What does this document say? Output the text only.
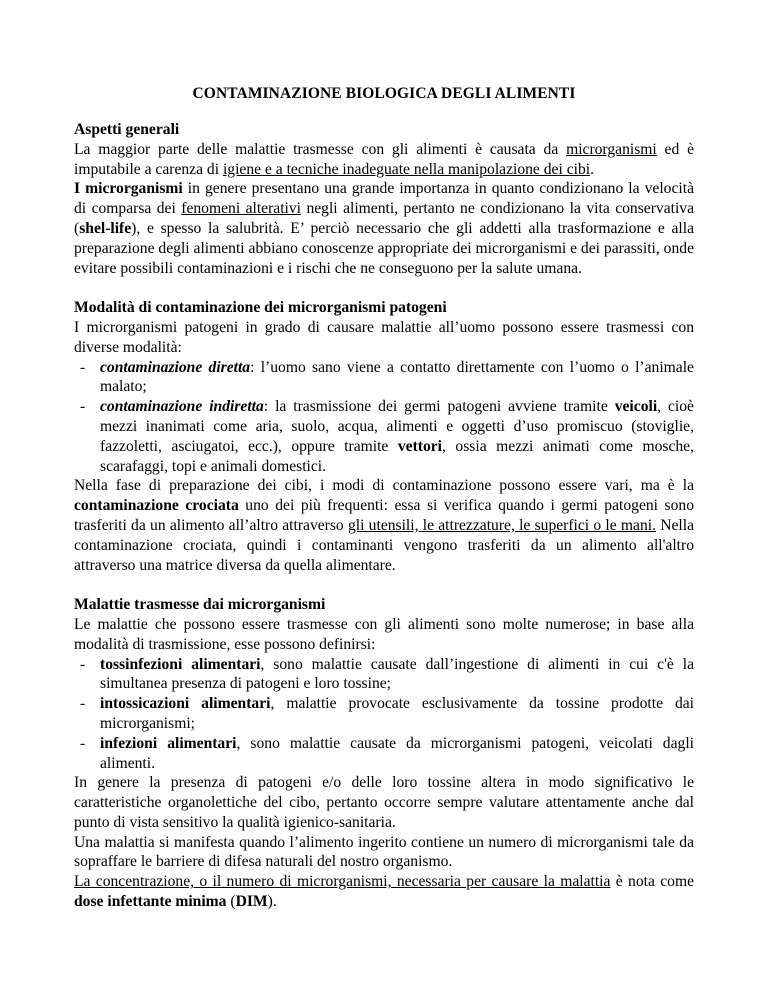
CONTAMINAZIONE BIOLOGICA DEGLI ALIMENTI
Aspetti generali

La maggior parte delle malattie trasmesse con gli alimenti è causata da microrganismi ed è imputabile a carenza di igiene e a tecniche inadeguate nella manipolazione dei cibi.

I microrganismi in genere presentano una grande importanza in quanto condizionano la velocità di comparsa dei fenomeni alterativi negli alimenti, pertanto ne condizionano la vita conservativa (shel-life), e spesso la salubrità. E’ perciò necessario che gli addetti alla trasformazione e alla preparazione degli alimenti abbiano conoscenze appropriate dei microrganismi e dei parassiti, onde evitare possibili contaminazioni e i rischi che ne conseguono per la salute umana.

Modalità di contaminazione dei microrganismi patogeni

I microrganismi patogeni in grado di causare malattie all’uomo possono essere trasmessi con diverse modalità:

- contaminazione diretta: l’uomo sano viene a contatto direttamente con l’uomo o l’animale malato;
- contaminazione indiretta: la trasmissione dei germi patogeni avviene tramite veicoli, cioè mezzi inanimati come aria, suolo, acqua, alimenti e oggetti d’uso promiscuo (stoviglie, fazzoletti, asciugatoi, ecc.), oppure tramite vettori, ossia mezzi animati come mosche, scarafaggi, topi e animali domestici.

Nella fase di preparazione dei cibi, i modi di contaminazione possono essere vari, ma è la contaminazione crociata uno dei più frequenti: essa si verifica quando i germi patogeni sono trasferiti da un alimento all’altro attraverso gli utensili, le attrezzature, le superfici o le mani. Nella contaminazione crociata, quindi i contaminanti vengono trasferiti da un alimento all'altro attraverso una matrice diversa da quella alimentare.

Malattie trasmesse dai microrganismi

Le malattie che possono essere trasmesse con gli alimenti sono molte numerose; in base alla modalità di trasmissione, esse possono definirsi:

- tossinfezioni alimentari, sono malattie causate dall’ingestione di alimenti in cui c'è la simultanea presenza di patogeni e loro tossine;
- intossicazioni alimentari, malattie provocate esclusivamente da tossine prodotte dai microrganismi;
- infezioni alimentari, sono malattie causate da microrganismi patogeni, veicolati dagli alimenti.

In genere la presenza di patogeni e/o delle loro tossine altera in modo significativo le caratteristiche organolettiche del cibo, pertanto occorre sempre valutare attentamente anche dal punto di vista sensitivo la qualità igienico-sanitaria.

Una malattia si manifesta quando l’alimento ingerito contiene un numero di microrganismi tale da sopraffare le barriere di difesa naturali del nostro organismo.

La concentrazione, o il numero di microrganismi, necessaria per causare la malattia è nota come dose infettante minima (DIM).
